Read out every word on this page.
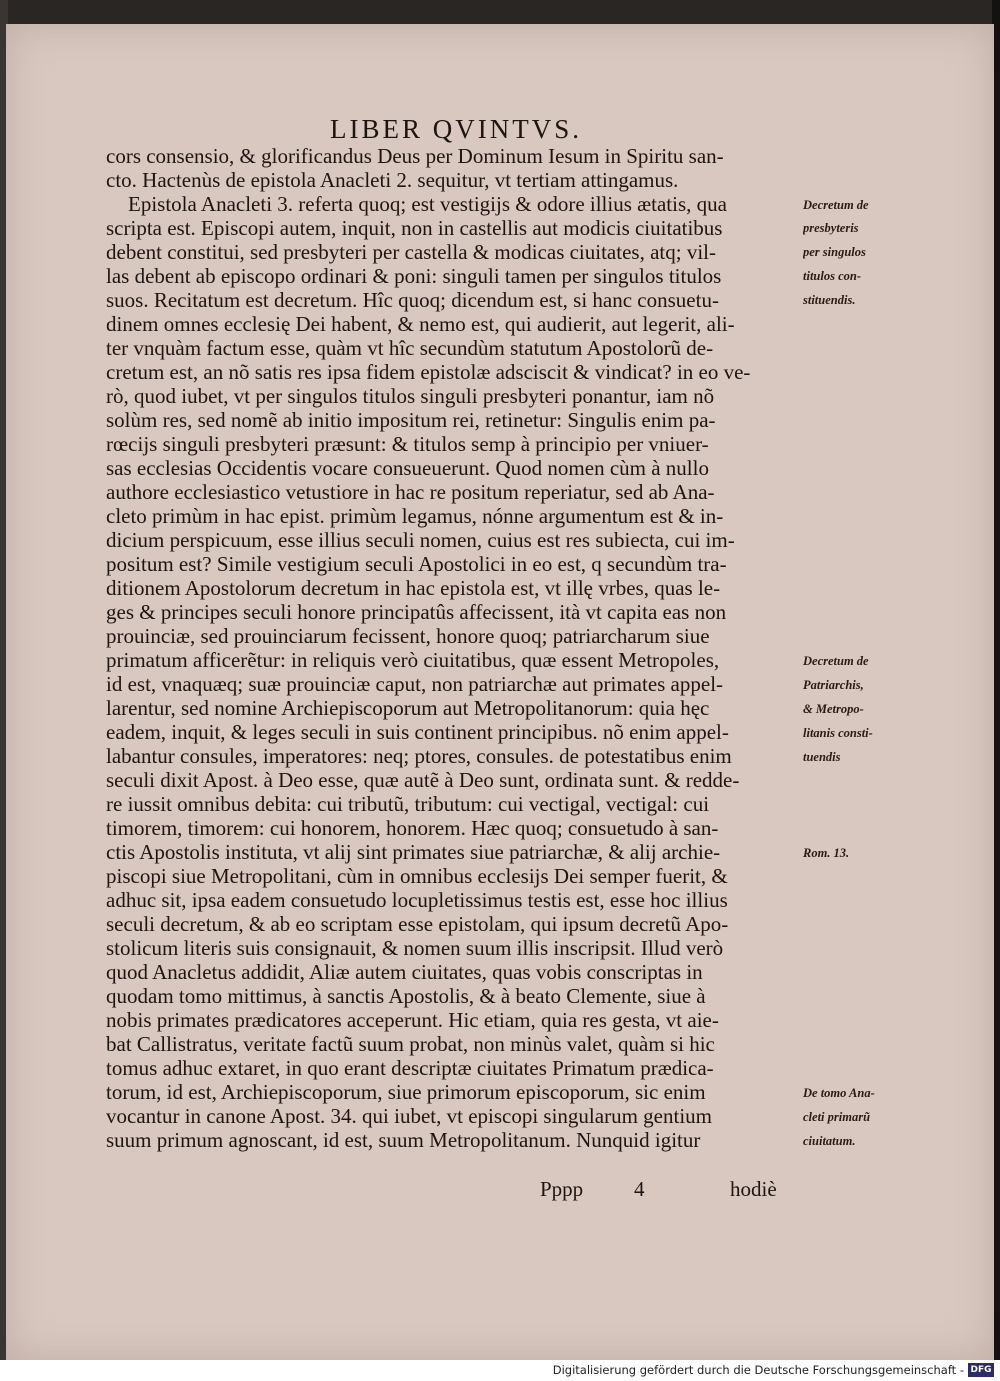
LIBER QVINTVS.
cors consensio, & glorificandus Deus per Dominum Iesum in Spiritu san-
cto. Hactenùs de epistola Anacleti 2. sequitur, vt tertiam attingamus.
Epistola Anacleti 3. referta quoq; est vestigijs & odore illius ætatis, qua
scripta est. Episcopi autem, inquit, non in castellis aut modicis ciuitatibus
debent constitui, sed presbyteri per castella & modicas ciuitates, atq; vil-
las debent ab episcopo ordinari & poni: singuli tamen per singulos titulos
suos. Recitatum est decretum. Hîc quoq; dicendum est, si hanc consuetu-
dinem omnes ecclesię Dei habent, & nemo est, qui audierit, aut legerit, ali-
ter vnquàm factum esse, quàm vt hîc secundùm statutum Apostolorũ de-
cretum est, an nõ satis res ipsa fidem epistolæ adsciscit & vindicat? in eo ve-
rò, quod iubet, vt per singulos titulos singuli presbyteri ponantur, iam nõ
solùm res, sed nomẽ ab initio impositum rei, retinetur: Singulis enim pa-
rœcijs singuli presbyteri præsunt: & titulos semp à principio per vniuer-
sas ecclesias Occidentis vocare consueuerunt. Quod nomen cùm à nullo
authore ecclesiastico vetustiore in hac re positum reperiatur, sed ab Ana-
cleto primùm in hac epist. primùm legamus, nónne argumentum est & in-
dicium perspicuum, esse illius seculi nomen, cuius est res subiecta, cui im-
positum est? Simile vestigium seculi Apostolici in eo est, q secundùm tra-
ditionem Apostolorum decretum in hac epistola est, vt illę vrbes, quas le-
ges & principes seculi honore principatûs affecissent, ità vt capita eas non
prouinciæ, sed prouinciarum fecissent, honore quoq; patriarcharum siue
primatum afficerẽtur: in reliquis verò ciuitatibus, quæ essent Metropoles,
id est, vnaquæq; suæ prouinciæ caput, non patriarchæ aut primates appel-
larentur, sed nomine Archiepiscoporum aut Metropolitanorum: quia hęc
eadem, inquit, & leges seculi in suis continent principibus. nõ enim appel-
labantur consules, imperatores: neq; ptores, consules. de potestatibus enim
seculi dixit Apost. à Deo esse, quæ autẽ à Deo sunt, ordinata sunt. & redde-
re iussit omnibus debita: cui tributũ, tributum: cui vectigal, vectigal: cui
timorem, timorem: cui honorem, honorem. Hæc quoq; consuetudo à san-
ctis Apostolis instituta, vt alij sint primates siue patriarchæ, & alij archie-
piscopi siue Metropolitani, cùm in omnibus ecclesijs Dei semper fuerit, &
adhuc sit, ipsa eadem consuetudo locupletissimus testis est, esse hoc illius
seculi decretum, & ab eo scriptam esse epistolam, qui ipsum decretũ Apo-
stolicum literis suis consignauit, & nomen suum illis inscripsit. Illud verò
quod Anacletus addidit, Aliæ autem ciuitates, quas vobis conscriptas in
quodam tomo mittimus, à sanctis Apostolis, & à beato Clemente, siue à
nobis primates prædicatores acceperunt. Hic etiam, quia res gesta, vt aie-
bat Callistratus, veritate factũ suum probat, non minùs valet, quàm si hic
tomus adhuc extaret, in quo erant descriptæ ciuitates Primatum prædica-
torum, id est, Archiepiscoporum, siue primorum episcoporum, sic enim
vocantur in canone Apost. 34. qui iubet, vt episcopi singularum gentium
suum primum agnoscant, id est, suum Metropolitanum. Nunquid igitur
Decretum de
presbyteris
per singulos
titulos con-
stituendis.
Decretum de
Patriarchis,
& Metropo-
litanis consti-
tuendis
Rom. 13.
De tomo Ana-
cleti primarũ
ciuitatum.
Pppp 4	hodiè
Digitalisierung gefördert durch die Deutsche Forschungsgemeinschaft - DFG
